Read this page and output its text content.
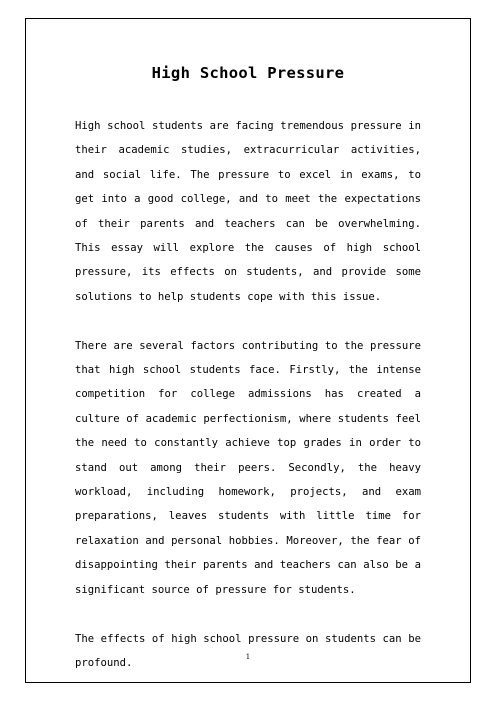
High School Pressure

High school students are facing tremendous pressure in their academic studies, extracurricular activities, and social life. The pressure to excel in exams, to get into a good college, and to meet the expectations of their parents and teachers can be overwhelming. This essay will explore the causes of high school pressure, its effects on students, and provide some solutions to help students cope with this issue.

There are several factors contributing to the pressure that high school students face. Firstly, the intense competition for college admissions has created a culture of academic perfectionism, where students feel the need to constantly achieve top grades in order to stand out among their peers. Secondly, the heavy workload, including homework, projects, and exam preparations, leaves students with little time for relaxation and personal hobbies. Moreover, the fear of disappointing their parents and teachers can also be a significant source of pressure for students.

The effects of high school pressure on students can be profound.	1
